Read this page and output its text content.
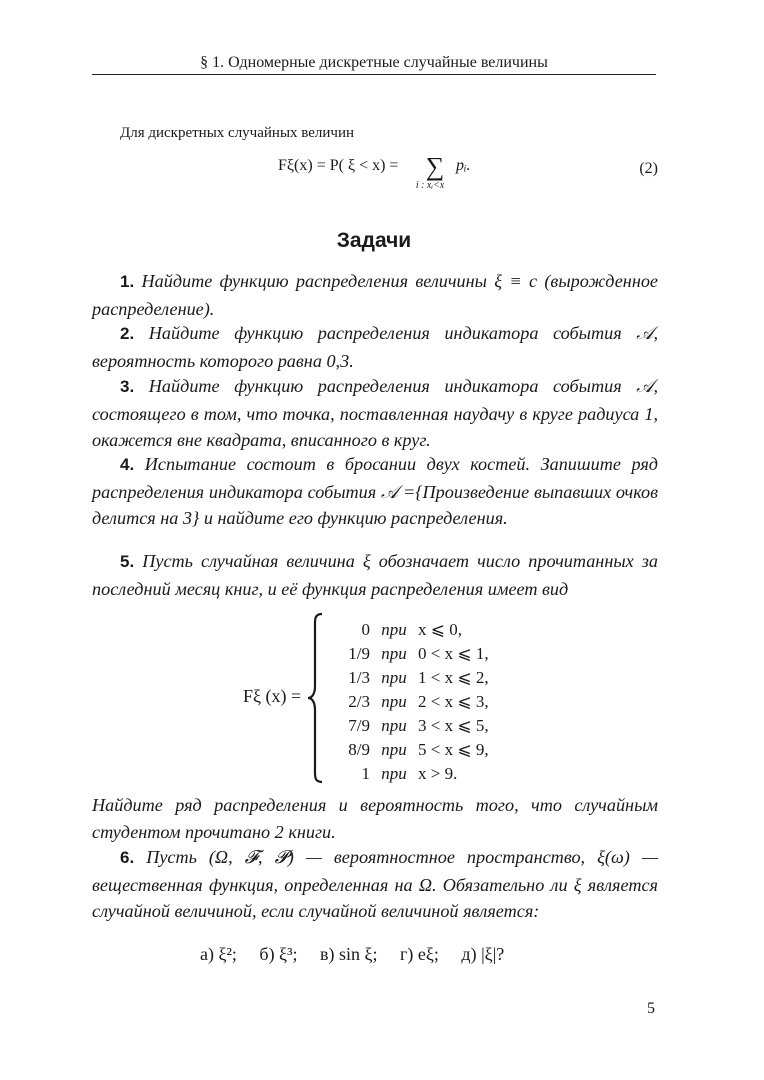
§ 1. Одномерные дискретные случайные величины
Для дискретных случайных величин
Fξ(x) = P( ξ < x) = ∑
i : xᵢ<x
pᵢ.	(2)
Задачи
1. Найдите функцию распределения величины ξ ≡ c (вырожденное распределение).
2. Найдите функцию распределения индикатора события 𝒜, вероятность которого равна 0,3.
3. Найдите функцию распределения индикатора события 𝒜, состоящего в том, что точка, поставленная наудачу в круге радиуса 1, окажется вне квадрата, вписанного в круг.
4. Испытание состоит в бросании двух костей. Запишите ряд распределения индикатора события 𝒜 ={Произведение выпавших очков делится на 3} и найдите его функцию распределения.
5. Пусть случайная величина ξ обозначает число прочитанных за последний месяц книг, и её функция распределения имеет вид
Fξ (x) =
0 при x ⩽ 0,
1/9 при 0 < x ⩽ 1,
1/3 при 1 < x ⩽ 2,
2/3 при 2 < x ⩽ 3,
7/9 при 3 < x ⩽ 5,
8/9 при 5 < x ⩽ 9,
1 при x > 9.
Найдите ряд распределения и вероятность того, что случайным студентом прочитано 2 книги.
6. Пусть (Ω, 𝓕, 𝓟) — вероятностное пространство, ξ(ω) — вещественная функция, определенная на Ω. Обязательно ли ξ является случайной величиной, если случайной величиной является:
а) ξ²; б) ξ³; в) sin ξ; г) eξ; д) |ξ|?
5
